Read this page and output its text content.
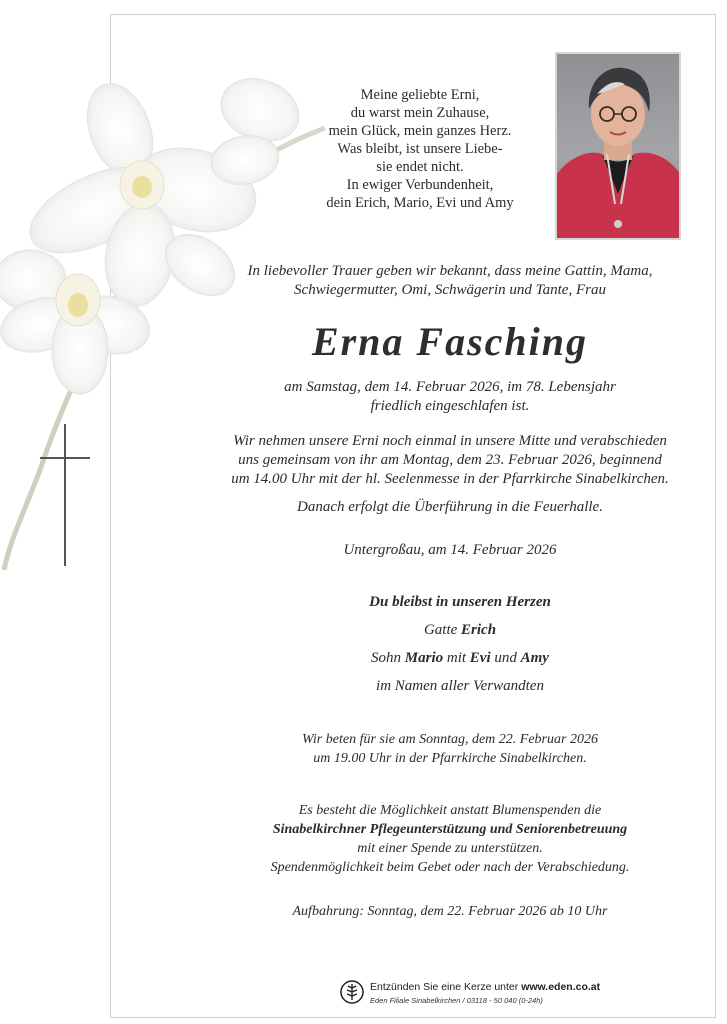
Meine geliebte Erni,
du warst mein Zuhause,
mein Glück, mein ganzes Herz.
Was bleibt, ist unsere Liebe-
sie endet nicht.
In ewiger Verbundenheit,
dein Erich, Mario, Evi und Amy
In liebevoller Trauer geben wir bekannt, dass meine Gattin, Mama,
Schwiegermutter, Omi, Schwägerin und Tante, Frau
Erna Fasching
am Samstag, dem 14. Februar 2026, im 78. Lebensjahr
friedlich eingeschlafen ist.
Wir nehmen unsere Erni noch einmal in unsere Mitte und verabschieden
uns gemeinsam von ihr am Montag, dem 23. Februar 2026, beginnend
um 14.00 Uhr mit der hl. Seelenmesse in der Pfarrkirche Sinabelkirchen.
Danach erfolgt die Überführung in die Feuerhalle.
Untergroßau, am 14. Februar 2026
Du bleibst in unseren Herzen
Gatte Erich
Sohn Mario mit Evi und Amy
im Namen aller Verwandten
Wir beten für sie am Sonntag, dem 22. Februar 2026
um 19.00 Uhr in der Pfarrkirche Sinabelkirchen.
Es besteht die Möglichkeit anstatt Blumenspenden die
Sinabelkirchner Pflegeunterstützung und Seniorenbetreuung
mit einer Spende zu unterstützen.
Spendenmöglichkeit beim Gebet oder nach der Verabschiedung.
Aufbahrung: Sonntag, dem 22. Februar 2026 ab 10 Uhr
Entzünden Sie eine Kerze unter www.eden.co.at
Eden Filiale Sinabelkirchen / 03118 - 50 040 (0-24h)
